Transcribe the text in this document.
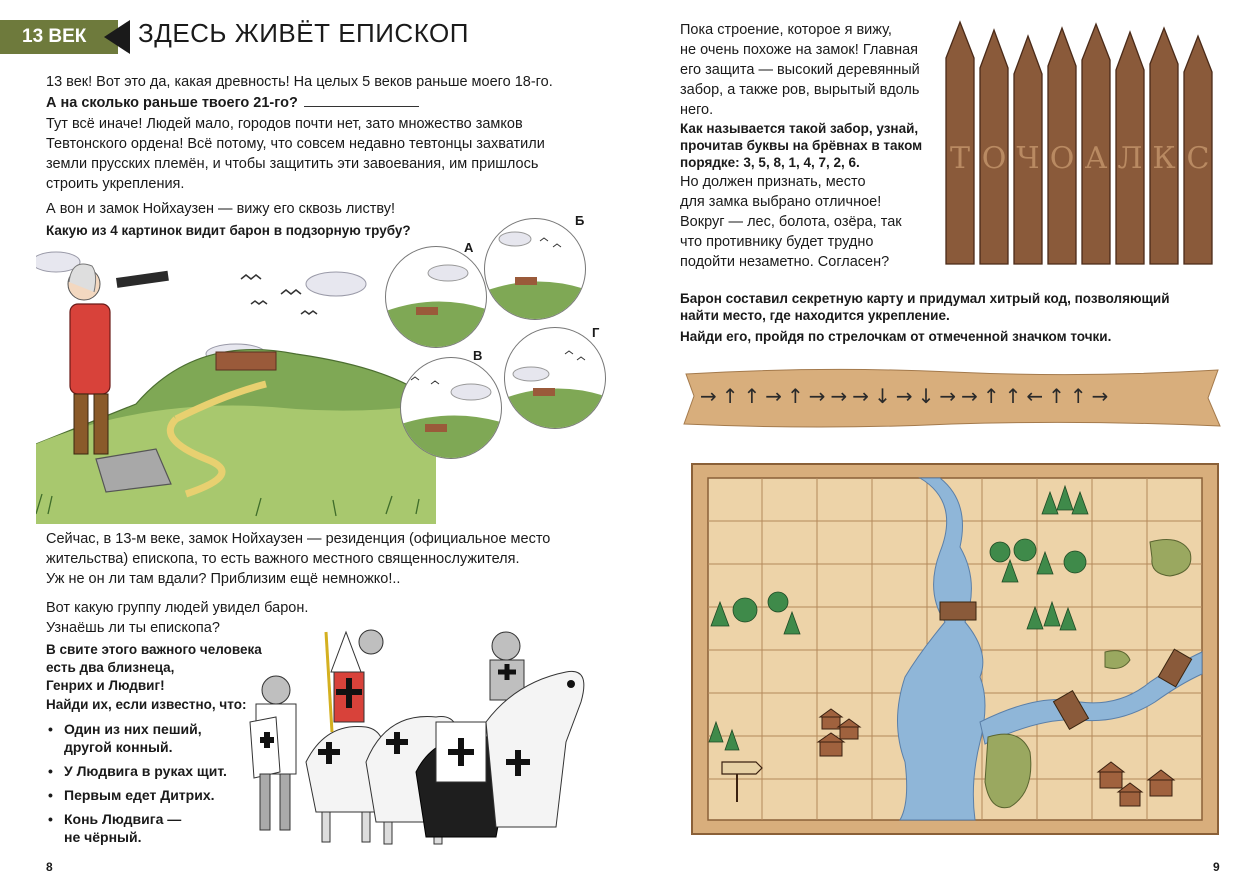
13 ВЕК	ЗДЕСЬ ЖИВЁТ ЕПИСКОП
13 век! Вот это да, какая древность! На целых 5 веков раньше моего 18-го.
А на сколько раньше твоего 21-го?
Тут всё иначе! Людей мало, городов почти нет, зато множество замков
Тевтонского ордена! Всё потому, что совсем недавно тевтонцы захватили
земли прусских племён, и чтобы защитить эти завоевания, им пришлось
строить укрепления.
А вон и замок Нойхаузен — вижу его сквозь листву!
Какую из 4 картинок видит барон в подзорную трубу?
А
Б
В
Г
Сейчас, в 13-м веке, замок Нойхаузен — резиденция (официальное место
жительства) епископа, то есть важного местного священнослужителя.
Уж не он ли там вдали? Приблизим ещё немножко!..
Вот какую группу людей увидел барон.
Узнаёшь ли ты епископа?
В свите этого важного человека
есть два близнеца,
Генрих и Людвиг!
Найди их, если известно, что:
• Один из них пеший,
другой конный.
• У Людвига в руках щит.
• Первым едет Дитрих.
• Конь Людвига —
не чёрный.
8
Пока строение, которое я вижу,
не очень похоже на замок! Главная
его защита — высокий деревянный
забор, а также ров, вырытый вдоль
него.
Как называется такой забор, узнай,
прочитав буквы на брёвнах в таком
порядке: 3, 5, 8, 1, 4, 7, 2, 6.
Но должен признать, место
для замка выбрано отличное!
Вокруг — лес, болота, озёра, так
что противнику будет трудно
подойти незаметно. Согласен?
Т О Ч О А Л К С
Барон составил секретную карту и придумал хитрый код, позволяющий
найти место, где находится укрепление.
Найди его, пройдя по стрелочкам от отмеченной значком точки.
→↑↑→↑→→→↓→↓→→↑↑←↑↑→
9
